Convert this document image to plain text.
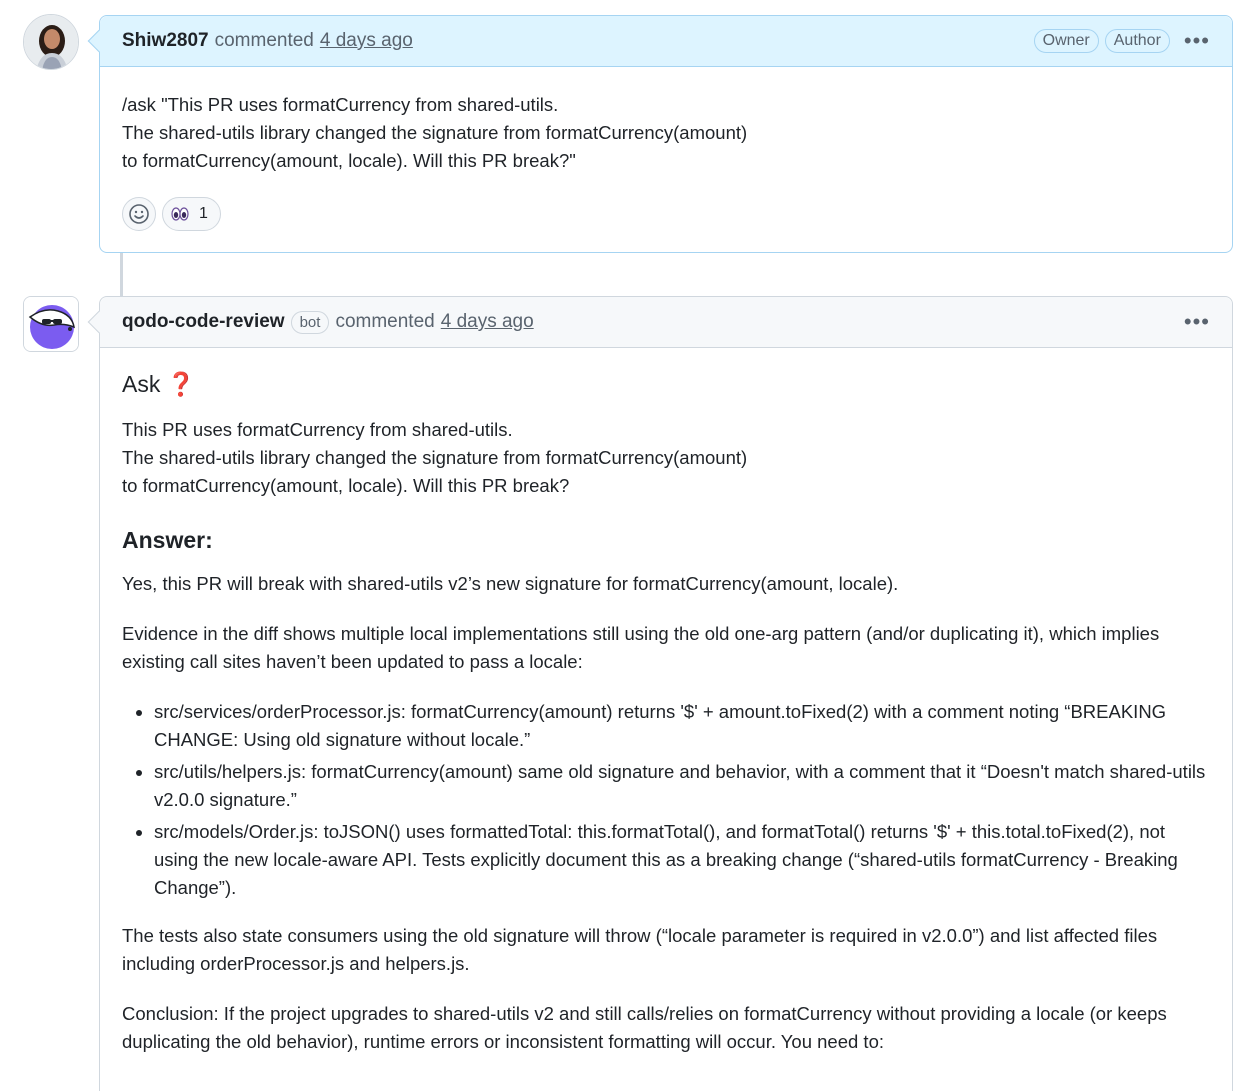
Shiw2807 commented 4 days ago	Owner	Author	•••
/ask "This PR uses formatCurrency from shared-utils.
The shared-utils library changed the signature from formatCurrency(amount)
to formatCurrency(amount, locale). Will this PR break?"
1
qodo-code-review	bot commented 4 days ago	•••
Ask ❓
This PR uses formatCurrency from shared-utils.
The shared-utils library changed the signature from formatCurrency(amount)
to formatCurrency(amount, locale). Will this PR break?
Answer:

Yes, this PR will break with shared-utils v2’s new signature for formatCurrency(amount, locale).

Evidence in the diff shows multiple local implementations still using the old one-arg pattern (and/or duplicating it), which implies existing call sites haven’t been updated to pass a locale:

• src/services/orderProcessor.js: formatCurrency(amount) returns '$' + amount.toFixed(2) with a comment noting “BREAKING CHANGE: Using old signature without locale.”
• src/utils/helpers.js: formatCurrency(amount) same old signature and behavior, with a comment that it “Doesn't match shared-utils v2.0.0 signature.”
• src/models/Order.js: toJSON() uses formattedTotal: this.formatTotal(), and formatTotal() returns '$' + this.total.toFixed(2), not using the new locale-aware API. Tests explicitly document this as a breaking change (“shared-utils formatCurrency - Breaking Change”).

The tests also state consumers using the old signature will throw (“locale parameter is required in v2.0.0”) and list affected files including orderProcessor.js and helpers.js.

Conclusion: If the project upgrades to shared-utils v2 and still calls/relies on formatCurrency without providing a locale (or keeps duplicating the old behavior), runtime errors or inconsistent formatting will occur. You need to:
